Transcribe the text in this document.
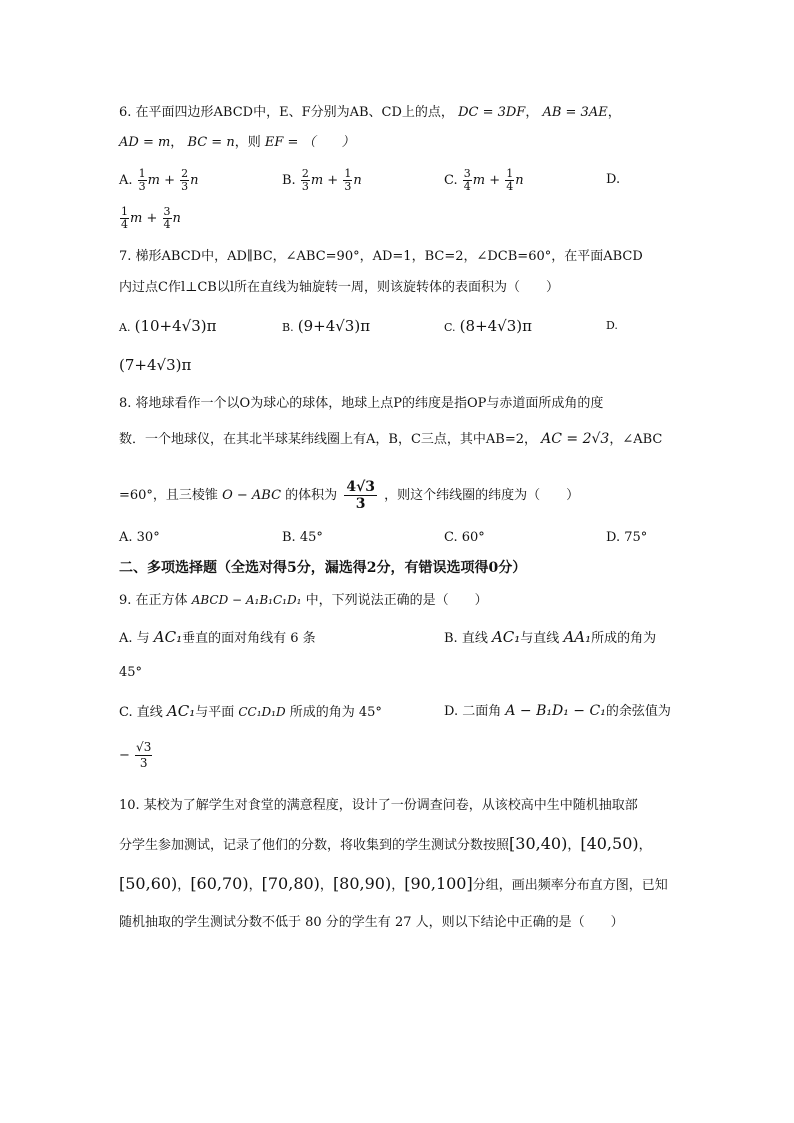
6. 在平面四边形ABCD中，E、F分别为AB、CD上的点， DC = 3DF， AB = 3AE，
AD = m， BC = n，则 EF = （　　）
A. $\frac{1}{3}$ $m + \frac{2}{3}$ n	B. $\frac{2}{3}$ $m + \frac{1}{3}$ n	C. $\frac{3}{4}$ $m + \frac{1}{4}$ n	D.
$\frac{1}{4}$ $m + \frac{3}{4}$ n
7. 梯形ABCD中，AD∥BC，∠ABC=90°，AD=1，BC=2，∠DCB=60°，在平面ABCD
内过点C作l⊥CB以l所在直线为轴旋转一周，则该旋转体的表面积为（　　）
A. (10+4√3)π	B. (9+4√3)π	C. (8+4√3)π	D.
(7+4√3)π
8. 将地球看作一个以O为球心的球体，地球上点P的纬度是指OP与赤道面所成角的度
数．一个地球仪，在其北半球某纬线圈上有A，B，C三点，其中AB=2， AC = 2√3，∠ABC
=60°，且三棱锥 O − ABC 的体积为 $\frac{4√3}{3}$ ，则这个纬线圈的纬度为（　　）
A. 30°	B. 45°	C. 60°	D. 75°
二、多项选择题（全选对得5分，漏选得2分，有错误选项得0分）
9. 在正方体 ABCD − A₁B₁C₁D₁ 中，下列说法正确的是（　　）
A. 与 AC₁垂直的面对角线有 6 条	B. 直线 AC₁与直线 AA₁所成的角为
45°
C. 直线 AC₁与平面 CC₁D₁D 所成的角为 45°	D. 二面角 A − B₁D₁ − C₁的余弦值为
− $\frac{√3}{3}$
10. 某校为了解学生对食堂的满意程度，设计了一份调查问卷，从该校高中生中随机抽取部
分学生参加测试，记录了他们的分数，将收集到的学生测试分数按照[30,40)，[40,50)，
[50,60)，[60,70)，[70,80)，[80,90)，[90,100]分组，画出频率分布直方图，已知
随机抽取的学生测试分数不低于 80 分的学生有 27 人，则以下结论中正确的是（　　）
